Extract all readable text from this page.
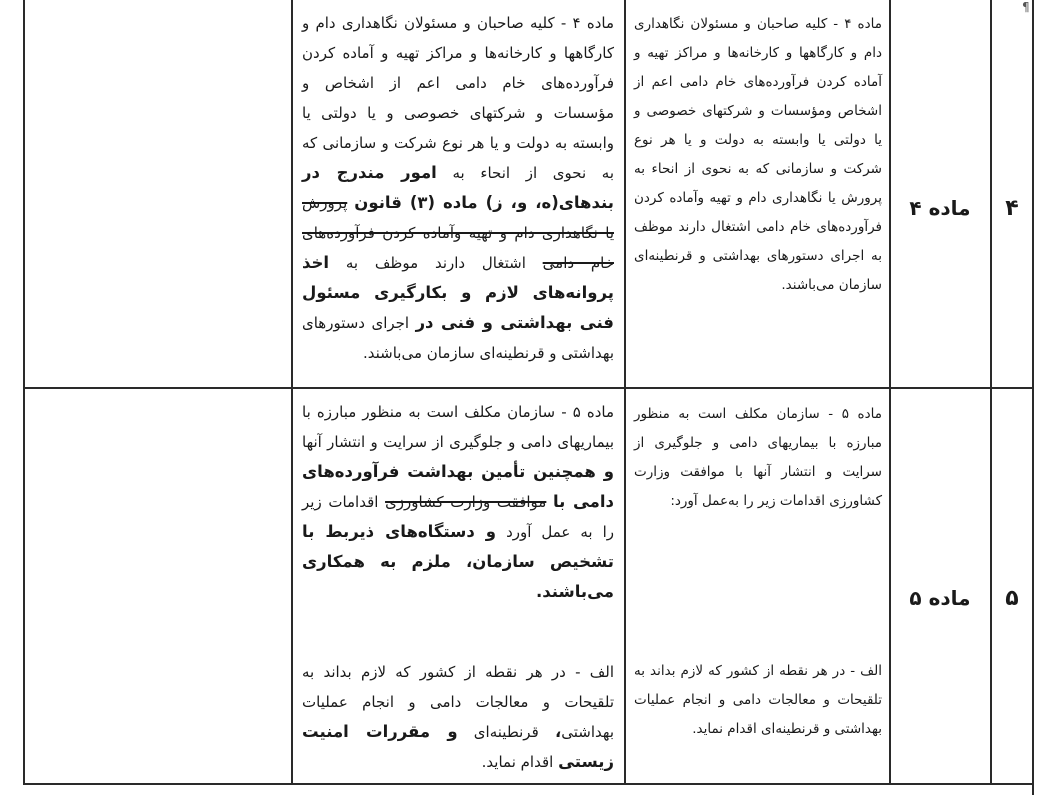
¶
۴
ماده ۴
ماده ۴ - کلیه صاحبان و مسئولان نگاهداری دام و کارگاهها و کارخانه‌ها و مراکز تهیه و آماده کردن فرآورده‌های خام دامی اعم از اشخاص ومؤسسات و شرکتهای خصوصی و یا دولتی یا وابسته به دولت و یا هر نوع شرکت و سازمانی که به نحوی از انحاء به پرورش یا نگاهداری دام و تهیه وآماده کردن فرآورده‌های خام دامی اشتغال دارند موظف به اجرای دستورهای بهداشتی و قرنطینه‌ای سازمان می‌باشند.
ماده ۴ - کلیه صاحبان و مسئولان نگاهداری دام و کارگاهها و کارخانه‌ها و مراکز تهیه و آماده کردن فرآورده‌های خام دامی اعم از اشخاص و مؤسسات و شرکتهای خصوصی و یا دولتی یا وابسته به دولت و یا هر نوع شرکت و سازمانی که به نحوی از انحاء به امور مندرج در بندهای(ه، و، ز) ماده (۳) قانون پرورش یا نگاهداری دام و تهیه وآماده کردن فرآورده‌های خام دامی اشتغال دارند موظف به اخذ پروانه‌های لازم و بکارگیری مسئول فنی بهداشتی و فنی در اجرای دستورهای بهداشتی و قرنطینه‌ای سازمان می‌باشند.
۵
ماده ۵
ماده ۵ - سازمان مکلف است به منظور مبارزه با بیماریهای دامی و جلوگیری از سرایت و انتشار آنها با موافقت وزارت کشاورزی اقدامات زیر را به‌عمل آورد:
الف - در هر نقطه از کشور که لازم بداند به تلقیحات و معالجات دامی و انجام عملیات بهداشتی و قرنطینه‌ای اقدام نماید.
ماده ۵ - سازمان مکلف است به منظور مبارزه با بیماریهای دامی و جلوگیری از سرایت و انتشار آنها و همچنین تأمین بهداشت فرآورده‌های دامی با موافقت وزارت کشاورزی اقدامات زیر را به عمل آورد و دستگاه‌های ذیربط با تشخیص سازمان، ملزم به همکاری می‌باشند.
الف - در هر نقطه از کشور که لازم بداند به تلقیحات و معالجات دامی و انجام عملیات بهداشتی، قرنطینه‌ای و مقررات امنیت زیستی اقدام نماید.
